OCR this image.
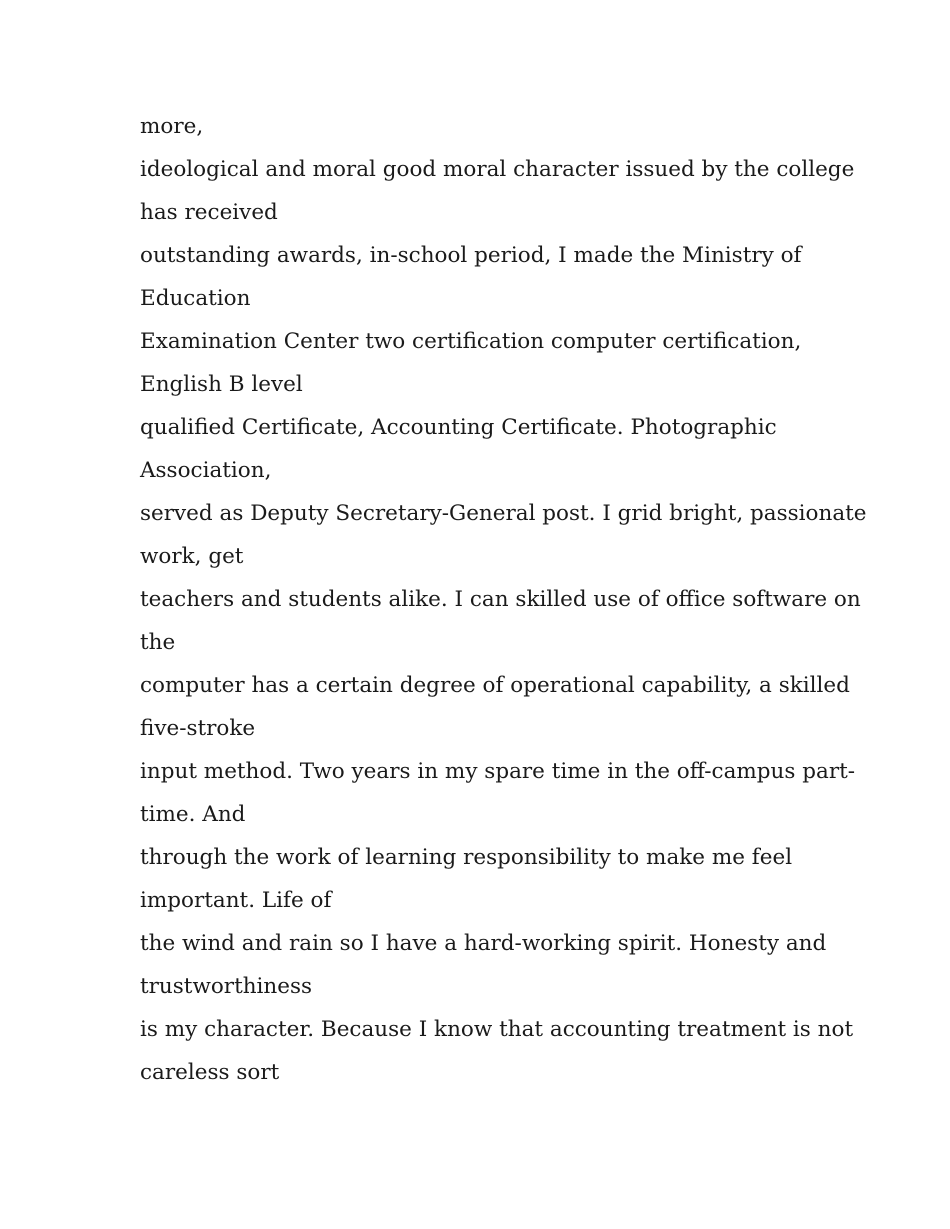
more,

ideological and moral good moral character issued by the college

has received

outstanding awards, in-school period, I made the Ministry of

Education

Examination Center two certification computer certification,

English B level

qualified Certificate, Accounting Certificate. Photographic

Association,

served as Deputy Secretary-General post. I grid bright, passionate

work, get

teachers and students alike. I can skilled use of office software on

the

computer has a certain degree of operational capability, a skilled

five-stroke

input method. Two years in my spare time in the off-campus part-

time. And

through the work of learning responsibility to make me feel

important. Life of

the wind and rain so I have a hard-working spirit. Honesty and

trustworthiness

is my character. Because I know that accounting treatment is not

careless sort
